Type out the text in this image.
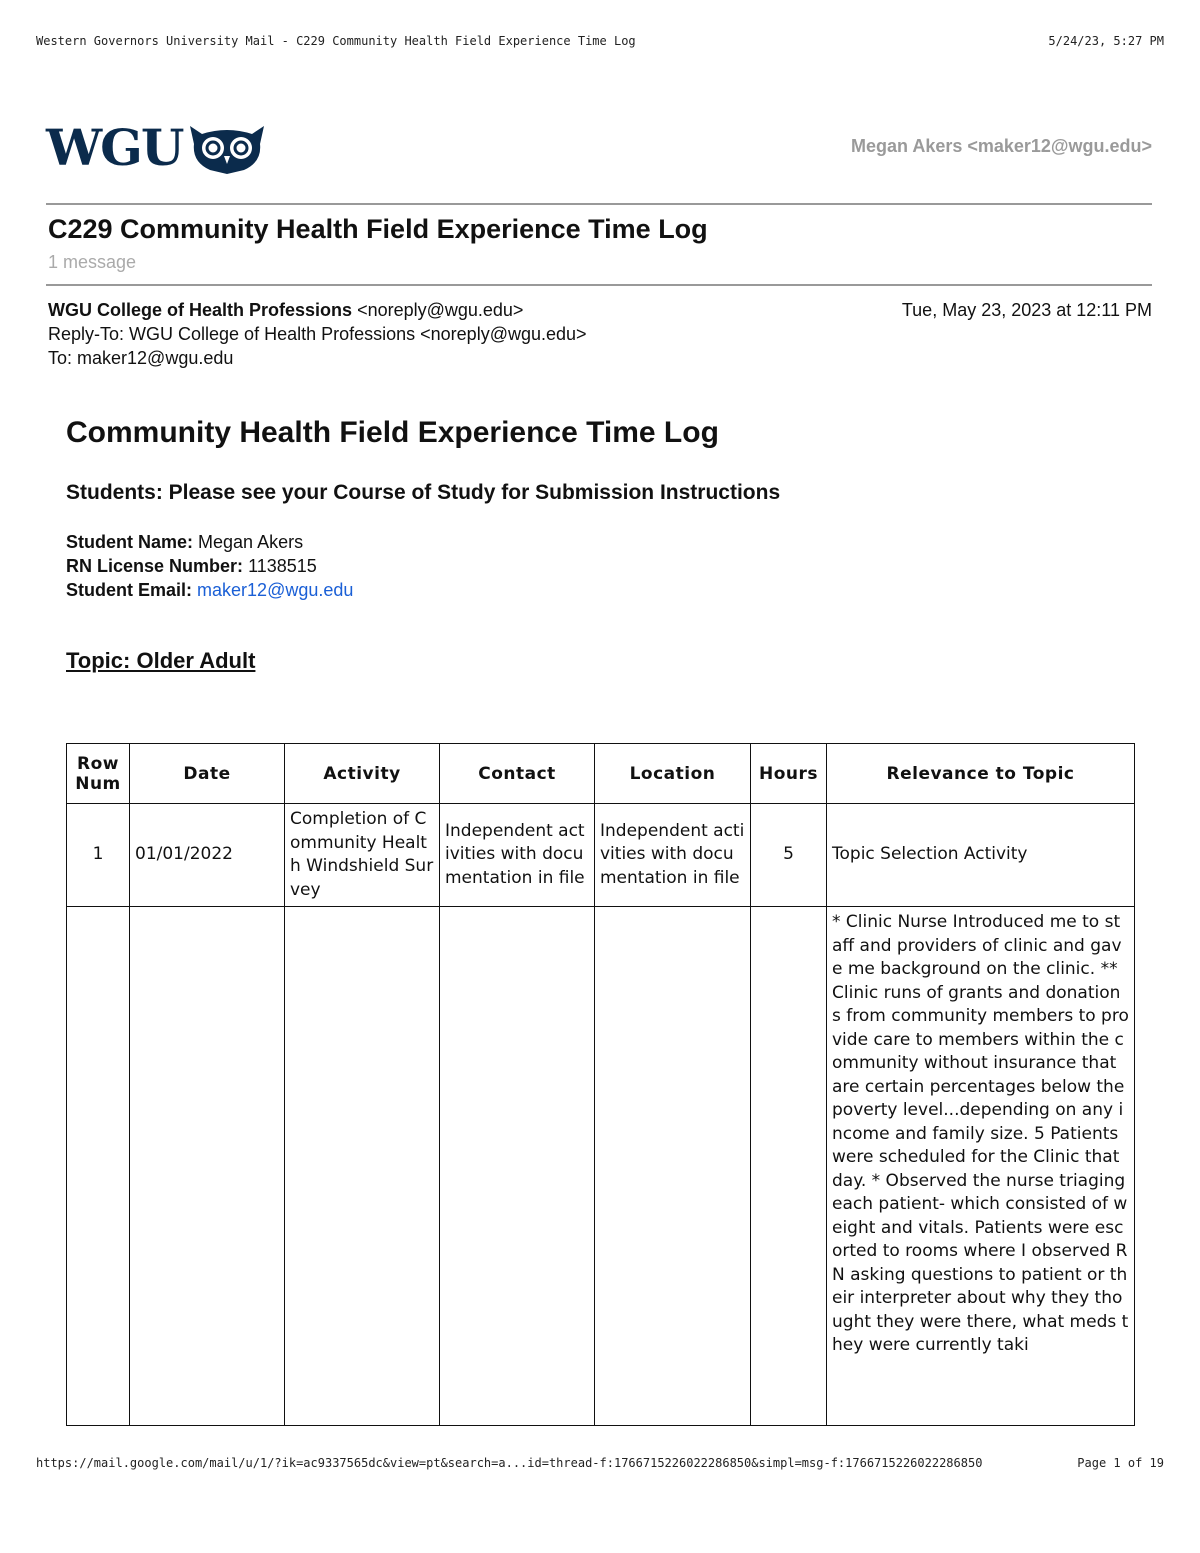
Western Governors University Mail - C229 Community Health Field Experience Time Log	5/24/23, 5:27 PM
WGU	Megan Akers <maker12@wgu.edu>
C229 Community Health Field Experience Time Log
1 message
WGU College of Health Professions <noreply@wgu.edu>	Tue, May 23, 2023 at 12:11 PM
Reply-To: WGU College of Health Professions <noreply@wgu.edu>
To: maker12@wgu.edu
Community Health Field Experience Time Log
Students: Please see your Course of Study for Submission Instructions
Student Name: Megan Akers
RN License Number: 1138515
Student Email: maker12@wgu.edu
Topic: Older Adult
Row Num	Date	Activity	Contact	Location	Hours	Relevance to Topic
1	01/01/2022	Completion of Community Health Windshield Survey	Independent activities with documentation in file	Independent activities with documentation in file	5	Topic Selection Activity

						* Clinic Nurse Introduced me to staff and providers of clinic and gave me background on the clinic. **Clinic runs of grants and donations from community members to provide care to members within the community without insurance that are certain percentages below the poverty level...depending on any income and family size. 5 Patients were scheduled for the Clinic that day. * Observed the nurse triaging each patient- which consisted of weight and vitals. Patients were escorted to rooms where I observed RN asking questions to patient or their interpreter about why they thought they were there, what meds they were currently taki
https://mail.google.com/mail/u/1/?ik=ac9337565dc&view=pt&search=a...id=thread-f:1766715226022286850&simpl=msg-f:1766715226022286850	Page 1 of 19
